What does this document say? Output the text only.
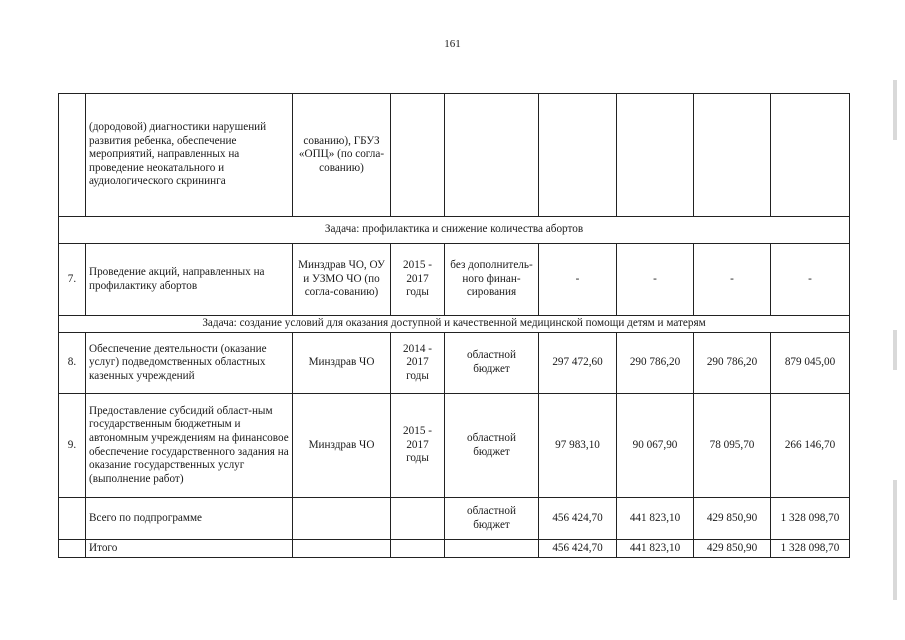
161
	(дородовой) диагностики нарушений развития ребенка, обеспечение мероприятий, направленных на проведение неокатального и аудиологического скрининга	сованию), ГБУЗ «ОПЦ» (по согла-сованию)						
Задача: профилактика и снижение количества абортов								
7.	Проведение акций, направленных на профилактику абортов	Минздрав ЧО, ОУ и УЗМО ЧО (по согла-сованию)	2015 - 2017 годы	без дополнитель-ного финан-сирования	-	-	-	-
Задача: создание условий для оказания доступной и качественной медицинской помощи детям и матерям								
8.	Обеспечение деятельности (оказание услуг) подведомственных областных казенных учреждений	Минздрав ЧО	2014 - 2017 годы	областной бюджет	297 472,60	290 786,20	290 786,20	879 045,00
9.	Предоставление субсидий област-ным государственным бюджетным и автономным учреждениям на финансовое обеспечение государственного задания на оказание государственных услуг (выполнение работ)	Минздрав ЧО	2015 - 2017 годы	областной бюджет	97 983,10	90 067,90	78 095,70	266 146,70
	Всего по подпрограмме			областной бюджет	456 424,70	441 823,10	429 850,90	1 328 098,70
	Итого				456 424,70	441 823,10	429 850,90	1 328 098,70
